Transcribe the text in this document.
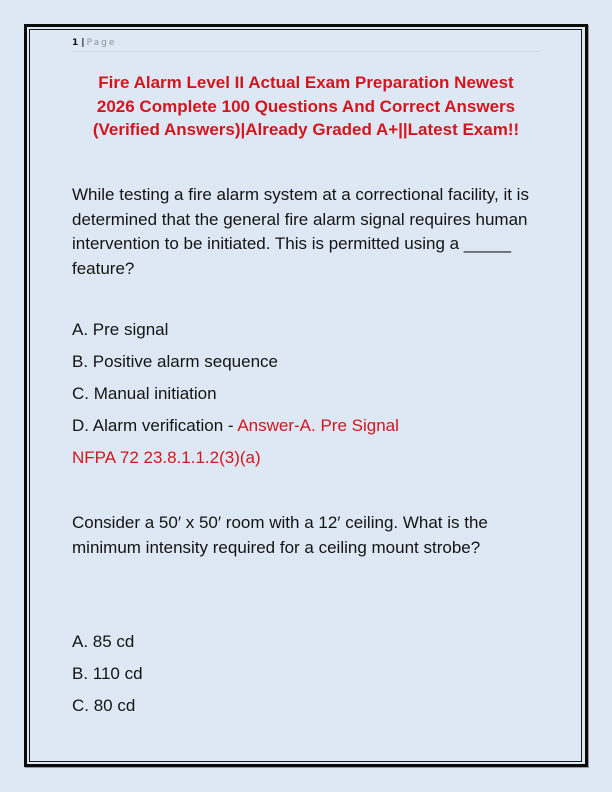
1 | Page
Fire Alarm Level II Actual Exam Preparation Newest
2026 Complete 100 Questions And Correct Answers
(Verified Answers)|Already Graded A+||Latest Exam!!
While testing a fire alarm system at a correctional facility, it is determined that the general fire alarm signal requires human intervention to be initiated. This is permitted using a _____ feature?
A. Pre signal
B. Positive alarm sequence
C. Manual initiation
D. Alarm verification - Answer-A. Pre Signal
NFPA 72 23.8.1.1.2(3)(a)
Consider a 50′ x 50′ room with a 12′ ceiling. What is the minimum intensity required for a ceiling mount strobe?
A. 85 cd
B. 110 cd
C. 80 cd
